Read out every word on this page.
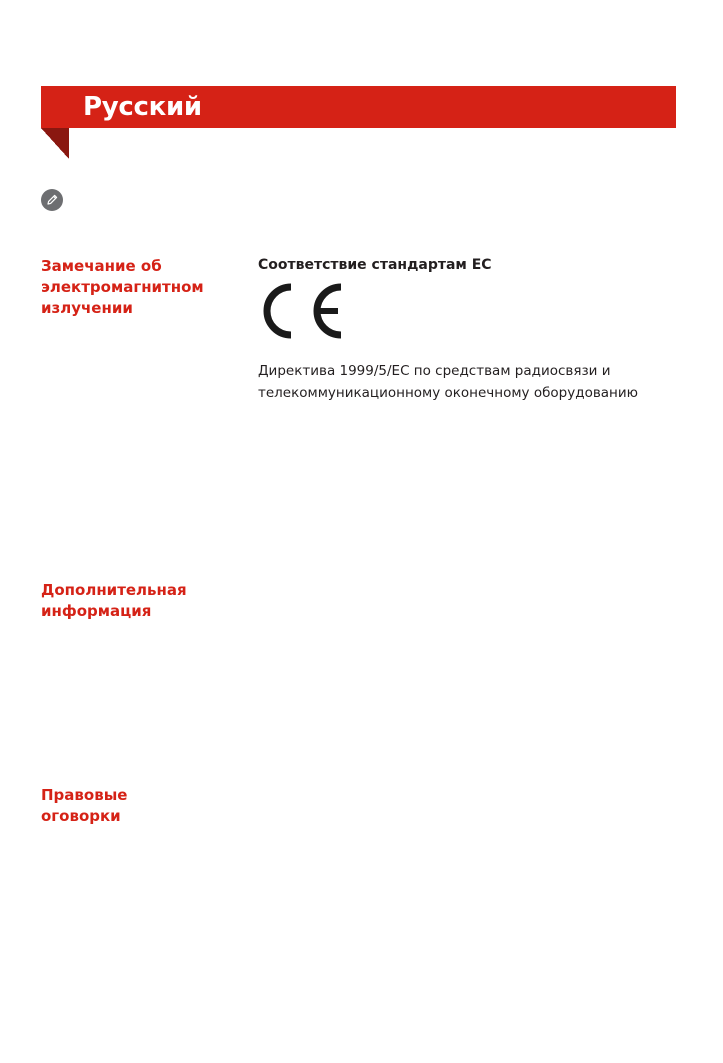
Русский
Замечание об
электромагнитном
излучении
Дополнительная
информация
Правовые
оговорки
Соответствие стандартам ЕС
Директива 1999/5/EC по средствам радиосвязи и телекоммуникационному оконечному оборудованию
